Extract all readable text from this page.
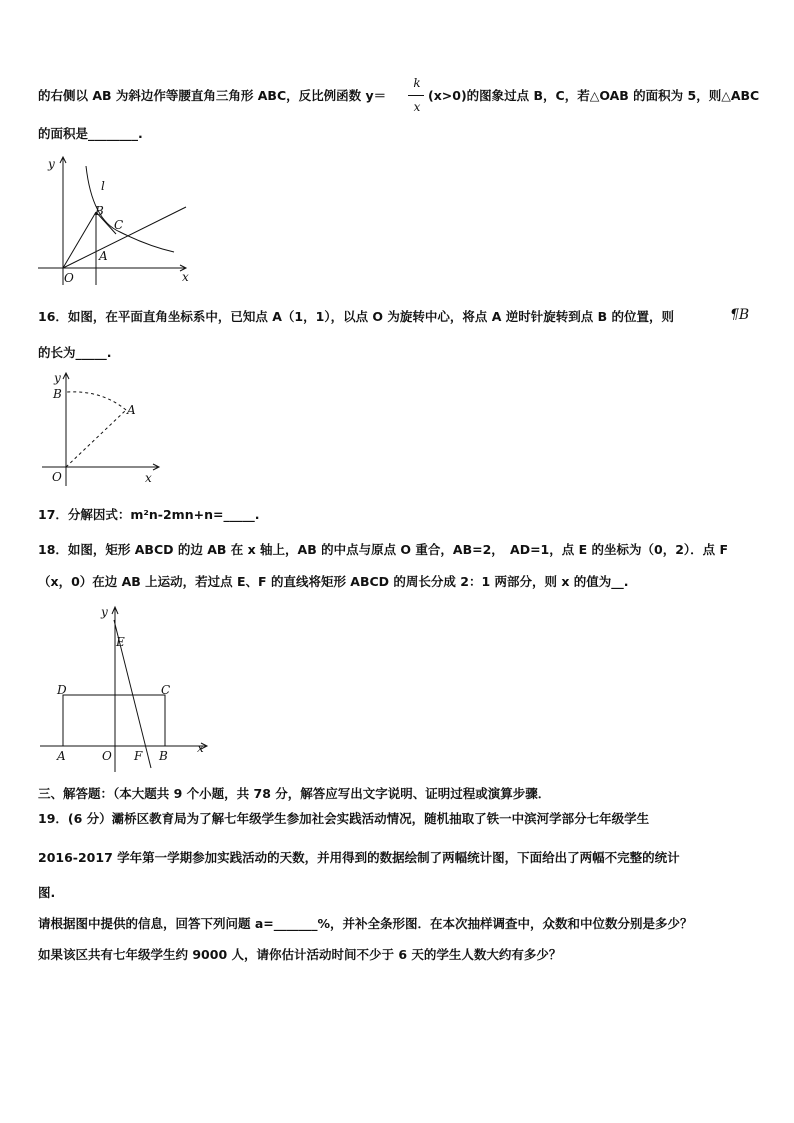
的右侧以 AB 为斜边作等腰直角三角形 ABC，反比例函数 y＝
k
x
(x>0)的图象过点 B，C，若△OAB 的面积为 5，则△ABC
的面积是________.
y
x
O
A
B
C
l
16．如图，在平面直角坐标系中，已知点 A（1，1），以点 O 为旋转中心，将点 A 逆时针旋转到点 B 的位置，则	¶B
的长为_____.
y
x
O
A
B
17．分解因式：m²n-2mn+n=_____.
18．如图，矩形 ABCD 的边 AB 在 x 轴上，AB 的中点与原点 O 重合，AB=2，　AD=1，点 E 的坐标为（0，2）．点 F
（x，0）在边 AB 上运动，若过点 E、F 的直线将矩形 ABCD 的周长分成 2：1 两部分，则 x 的值为__.
y
x
E
D	C
A	O F B
三、解答题：（本大题共 9 个小题，共 78 分，解答应写出文字说明、证明过程或演算步骤．
19．(6 分）灞桥区教育局为了解七年级学生参加社会实践活动情况，随机抽取了铁一中滨河学部分七年级学生
2016-2017 学年第一学期参加实践活动的天数，并用得到的数据绘制了两幅统计图，下面给出了两幅不完整的统计
图.
请根据图中提供的信息，回答下列问题 a=_______%，并补全条形图．在本次抽样调查中，众数和中位数分别是多少？
如果该区共有七年级学生约 9000 人，请你估计活动时间不少于 6 天的学生人数大约有多少？
